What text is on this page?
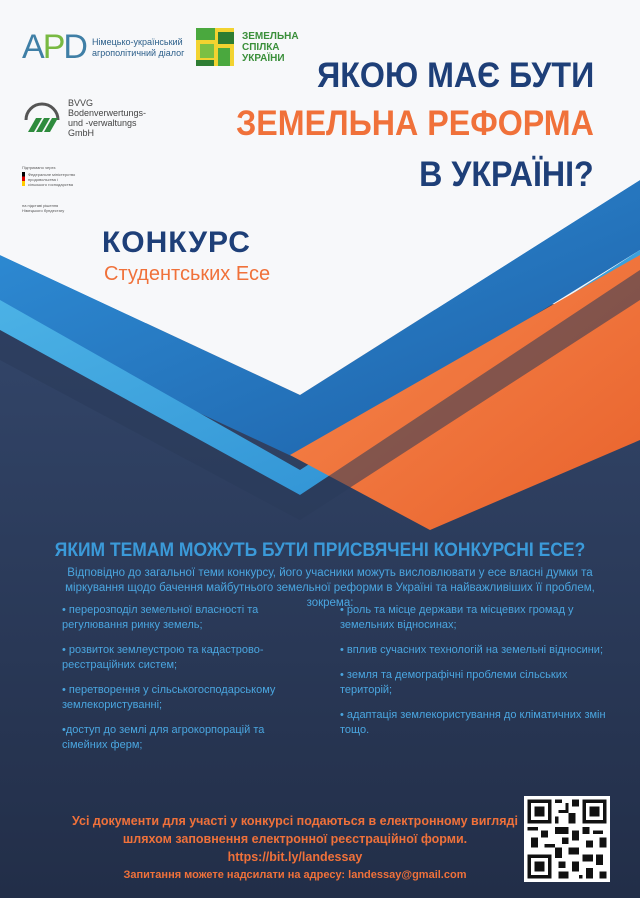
APD Німецько-український
агрополітичний діалог
ЗЕМЕЛЬНА
СПІЛКА
УКРАЇНИ
BVVG
Bodenverwertungs-
und -verwaltungs
GmbH
Підтримано через
Федеральне міністерство
продовольства і
сільського господарства
на підставі рішення
Німецького бундестагу
ЯКОЮ МАЄ БУТИ
ЗЕМЕЛЬНА РЕФОРМА
В УКРАЇНІ?
КОНКУРС
Студентських Есе
ЯКИМ ТЕМАМ МОЖУТЬ БУТИ ПРИСВЯЧЕНІ КОНКУРСНІ ЕСЕ?
Відповідно до загальної теми конкурсу, його учасники можуть висловлювати у есе власні думки та міркування щодо бачення майбутнього земельної реформи в Україні та найважливіших її проблем, зокрема:
• перерозподіл земельної власності та регулювання ринку земель;
• розвиток землеустрою та кадастрово-реєстраційних систем;
• перетворення у сільськогосподарському землекористуванні;
•доступ до землі для агрокорпорацій та сімейних ферм;
• роль та місце держави та місцевих громад у земельних відносинах;
• вплив сучасних технологій на земельні відносини;
• земля та демографічні проблеми сільських територій;
• адаптація землекористування до кліматичних змін тощо.
Усі документи для участі у конкурсі подаються в електронному вигляді
шляхом заповнення електронної реєстраційної форми.
https://bit.ly/landessay
Запитання можете надсилати на адресу: landessay@gmail.com
